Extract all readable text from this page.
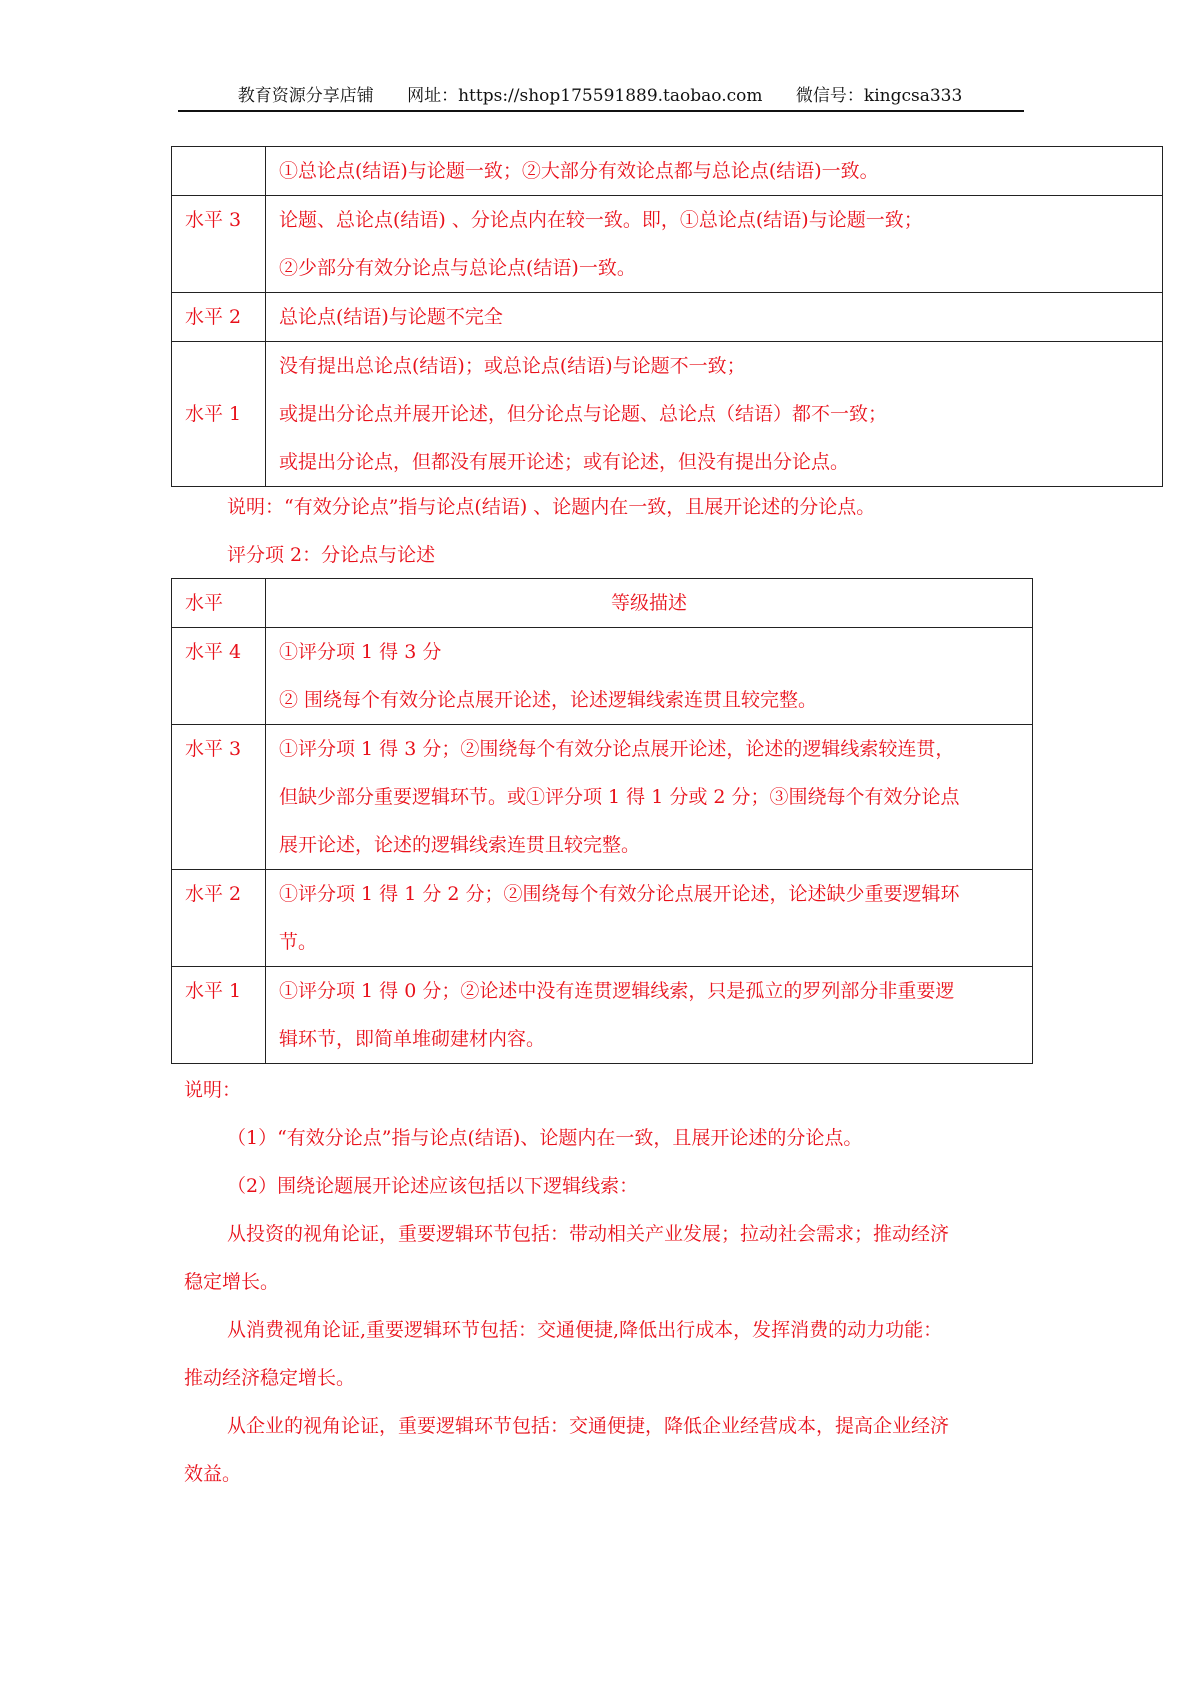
教育资源分享店铺 网址：https://shop175591889.taobao.com 微信号：kingcsa333

	①总论点(结语)与论题一致；②大部分有效论点都与总论点(结语)一致。

水平 3	论题、总论点(结语) 、分论点内在较一致。即，①总论点(结语)与论题一致；
②少部分有效分论点与总论点(结语)一致。

水平 2	总论点(结语)与论题不完全

水平 1	没有提出总论点(结语)；或总论点(结语)与论题不一致；
或提出分论点并展开论述，但分论点与论题、总论点（结语）都不一致；
或提出分论点，但都没有展开论述；或有论述，但没有提出分论点。
说明：“有效分论点”指与论点(结语) 、论题内在一致，且展开论述的分论点。
评分项 2：分论点与论述
水平	等级描述
水平 4	①评分项 1 得 3 分
② 围绕每个有效分论点展开论述，论述逻辑线索连贯且较完整。

水平 3	①评分项 1 得 3 分；②围绕每个有效分论点展开论述，论述的逻辑线索较连贯，
但缺少部分重要逻辑环节。或①评分项 1 得 1 分或 2 分；③围绕每个有效分论点
展开论述，论述的逻辑线索连贯且较完整。

水平 2	①评分项 1 得 1 分 2 分；②围绕每个有效分论点展开论述，论述缺少重要逻辑环
节。

水平 1	①评分项 1 得 0 分；②论述中没有连贯逻辑线索，只是孤立的罗列部分非重要逻
辑环节，即简单堆砌建材内容。
说明：
（1）“有效分论点”指与论点(结语)、论题内在一致，且展开论述的分论点。
（2）围绕论题展开论述应该包括以下逻辑线索：
从投资的视角论证，重要逻辑环节包括：带动相关产业发展；拉动社会需求；推动经济
稳定增长。
从消费视角论证,重要逻辑环节包括：交通便捷,降低出行成本，发挥消费的动力功能：
推动经济稳定增长。
从企业的视角论证，重要逻辑环节包括：交通便捷，降低企业经营成本，提高企业经济
效益。
